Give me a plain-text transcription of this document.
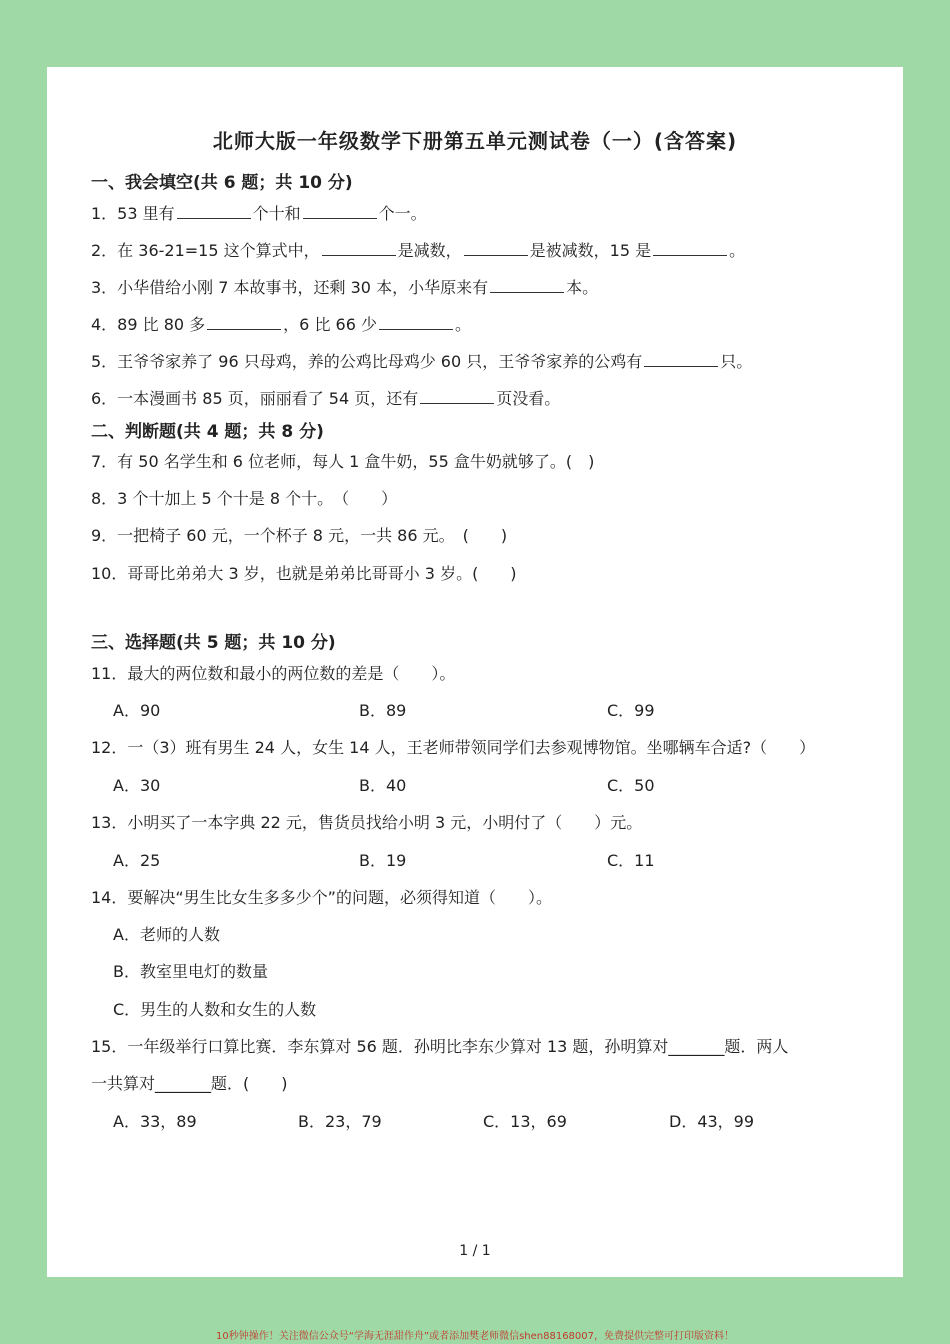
北师大版一年级数学下册第五单元测试卷（一）(含答案)
一、我会填空(共 6 题；共 10 分)
1．53 里有	个十和	个一。
2．在 36-21=15 这个算式中，	是减数，	是被减数，15 是	。
3．小华借给小刚 7 本故事书，还剩 30 本，小华原来有	本。
4．89 比 80 多	，6 比 66 少	。
5．王爷爷家养了 96 只母鸡，养的公鸡比母鸡少 60 只，王爷爷家养的公鸡有	只。
6．一本漫画书 85 页，丽丽看了 54 页，还有	页没看。
二、判断题(共 4 题；共 8 分)
7．有 50 名学生和 6 位老师，每人 1 盒牛奶，55 盒牛奶就够了。(　)
8．3 个十加上 5 个十是 8 个十。　（　　）
9．一把椅子 60 元，一个杯子 8 元，一共 86 元。　(　　)
10．哥哥比弟弟大 3 岁，也就是弟弟比哥哥小 3 岁。(　　)
三、选择题(共 5 题；共 10 分)
11．最大的两位数和最小的两位数的差是（　　）。
A．90	B．89	C．99
12．一（3）班有男生 24 人，女生 14 人，王老师带领同学们去参观博物馆。坐哪辆车合适?（　　）
A．30	B．40	C．50
13．小明买了一本字典 22 元，售货员找给小明 3 元，小明付了（　　）元。
A．25	B．19	C．11
14．要解决“男生比女生多多少个”的问题，必须得知道（　　）。
A．老师的人数
B．教室里电灯的数量
C．男生的人数和女生的人数
15．一年级举行口算比赛．李东算对 56 题．孙明比李东少算对 13 题，孙明算对_______题．两人
一共算对_______题．(　　)
A．33，89	B．23，79	C．13，69	D．43，99
1 / 1
10秒钟操作！关注微信公众号“学海无涯甜作舟”或者添加樊老师微信shen88168007，免费提供完整可打印版资料！
